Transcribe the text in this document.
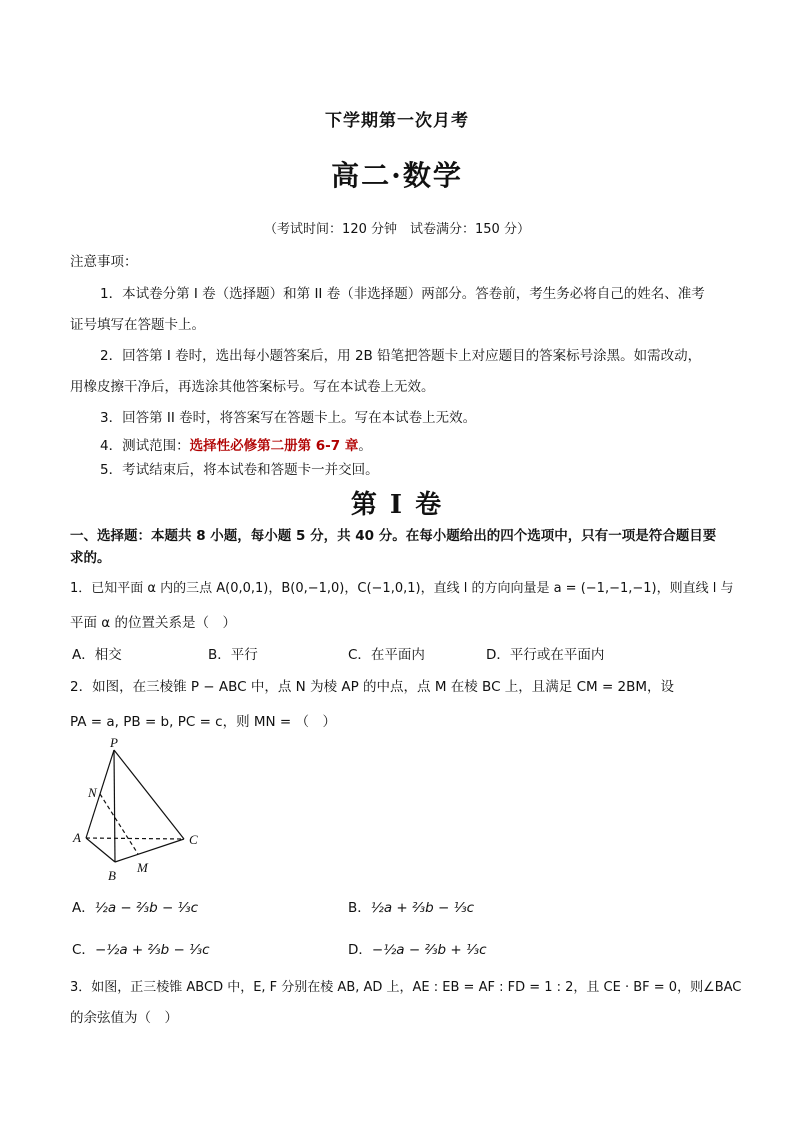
下学期第一次月考
高二·数学
（考试时间：120 分钟　试卷满分：150 分）
注意事项：
1．本试卷分第 I 卷（选择题）和第 II 卷（非选择题）两部分。答卷前，考生务必将自己的姓名、准考
证号填写在答题卡上。
2．回答第 I 卷时，选出每小题答案后，用 2B 铅笔把答题卡上对应题目的答案标号涂黑。如需改动，
用橡皮擦干净后，再选涂其他答案标号。写在本试卷上无效。
3．回答第 II 卷时，将答案写在答题卡上。写在本试卷上无效。
4．测试范围：选择性必修第二册第 6-7 章。
5．考试结束后，将本试卷和答题卡一并交回。
第 I 卷
一、选择题：本题共 8 小题，每小题 5 分，共 40 分。在每小题给出的四个选项中，只有一项是符合题目要
求的。
1．已知平面 α 内的三点 A(0,0,1)，B(0,−1,0)，C(−1,0,1)，直线 l 的方向向量是 a = (−1,−1,−1)，则直线 l 与
平面 α 的位置关系是（　）
A．相交	B．平行	C．在平面内	D．平行或在平面内
2．如图，在三棱锥 P − ABC 中，点 N 为棱 AP 的中点，点 M 在棱 BC 上，且满足 CM = 2BM，设
PA = a, PB = b, PC = c，则 MN = （　）
P
N
A	C
B
M
A．½a − ⅔b − ⅓c	B．½a + ⅔b − ⅓c
C．−½a + ⅔b − ⅓c	D．−½a − ⅔b + ⅓c
3．如图，正三棱锥 ABCD 中，E, F 分别在棱 AB, AD 上，AE : EB = AF : FD = 1 : 2，且 CE · BF = 0，则∠BAC
的余弦值为（　）
